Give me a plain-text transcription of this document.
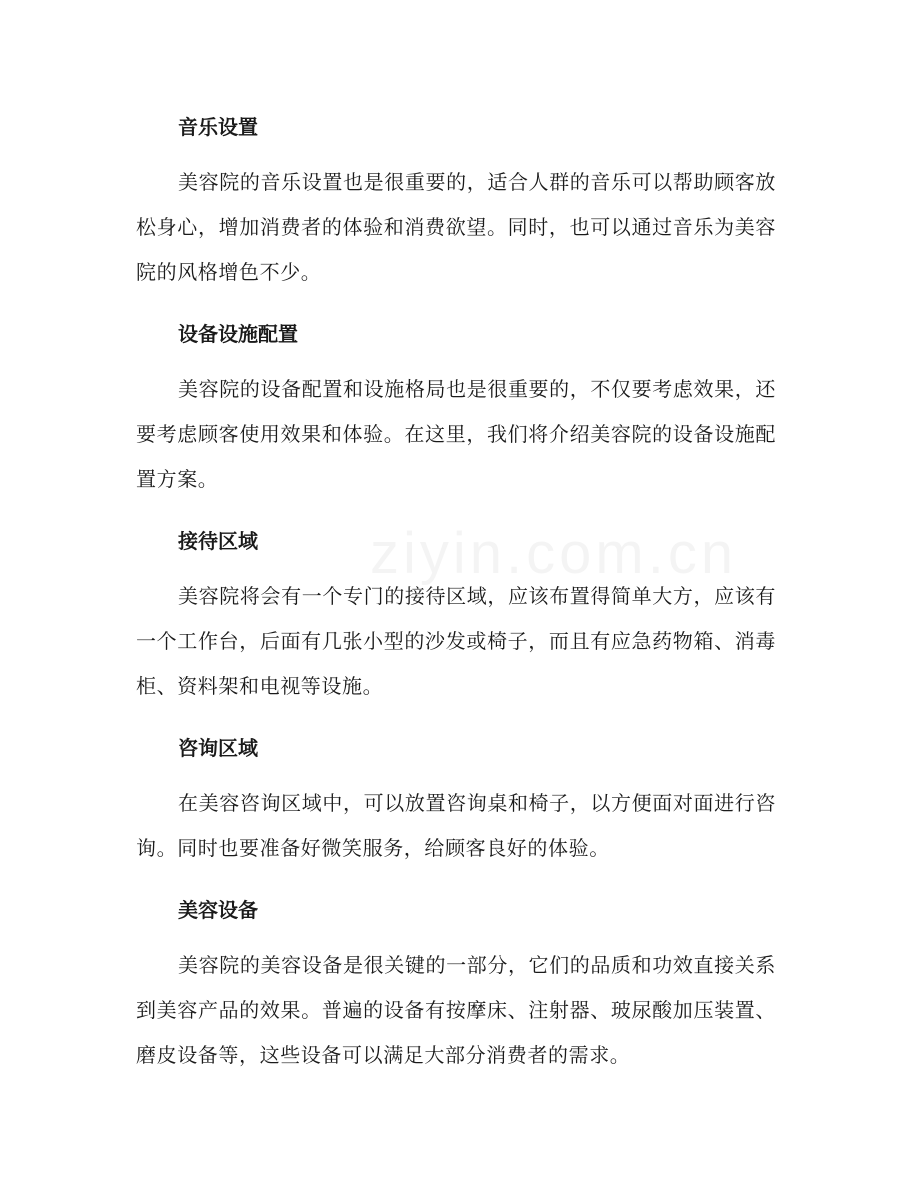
音乐设置

美容院的音乐设置也是很重要的，适合人群的音乐可以帮助顾客放松身心，增加消费者的体验和消费欲望。同时，也可以通过音乐为美容院的风格增色不少。

设备设施配置

美容院的设备配置和设施格局也是很重要的，不仅要考虑效果，还要考虑顾客使用效果和体验。在这里，我们将介绍美容院的设备设施配置方案。

接待区域

美容院将会有一个专门的接待区域，应该布置得简单大方，应该有一个工作台，后面有几张小型的沙发或椅子，而且有应急药物箱、消毒柜、资料架和电视等设施。

咨询区域

在美容咨询区域中，可以放置咨询桌和椅子，以方便面对面进行咨询。同时也要准备好微笑服务，给顾客良好的体验。

美容设备

美容院的美容设备是很关键的一部分，它们的品质和功效直接关系到美容产品的效果。普遍的设备有按摩床、注射器、玻尿酸加压装置、磨皮设备等，这些设备可以满足大部分消费者的需求。
